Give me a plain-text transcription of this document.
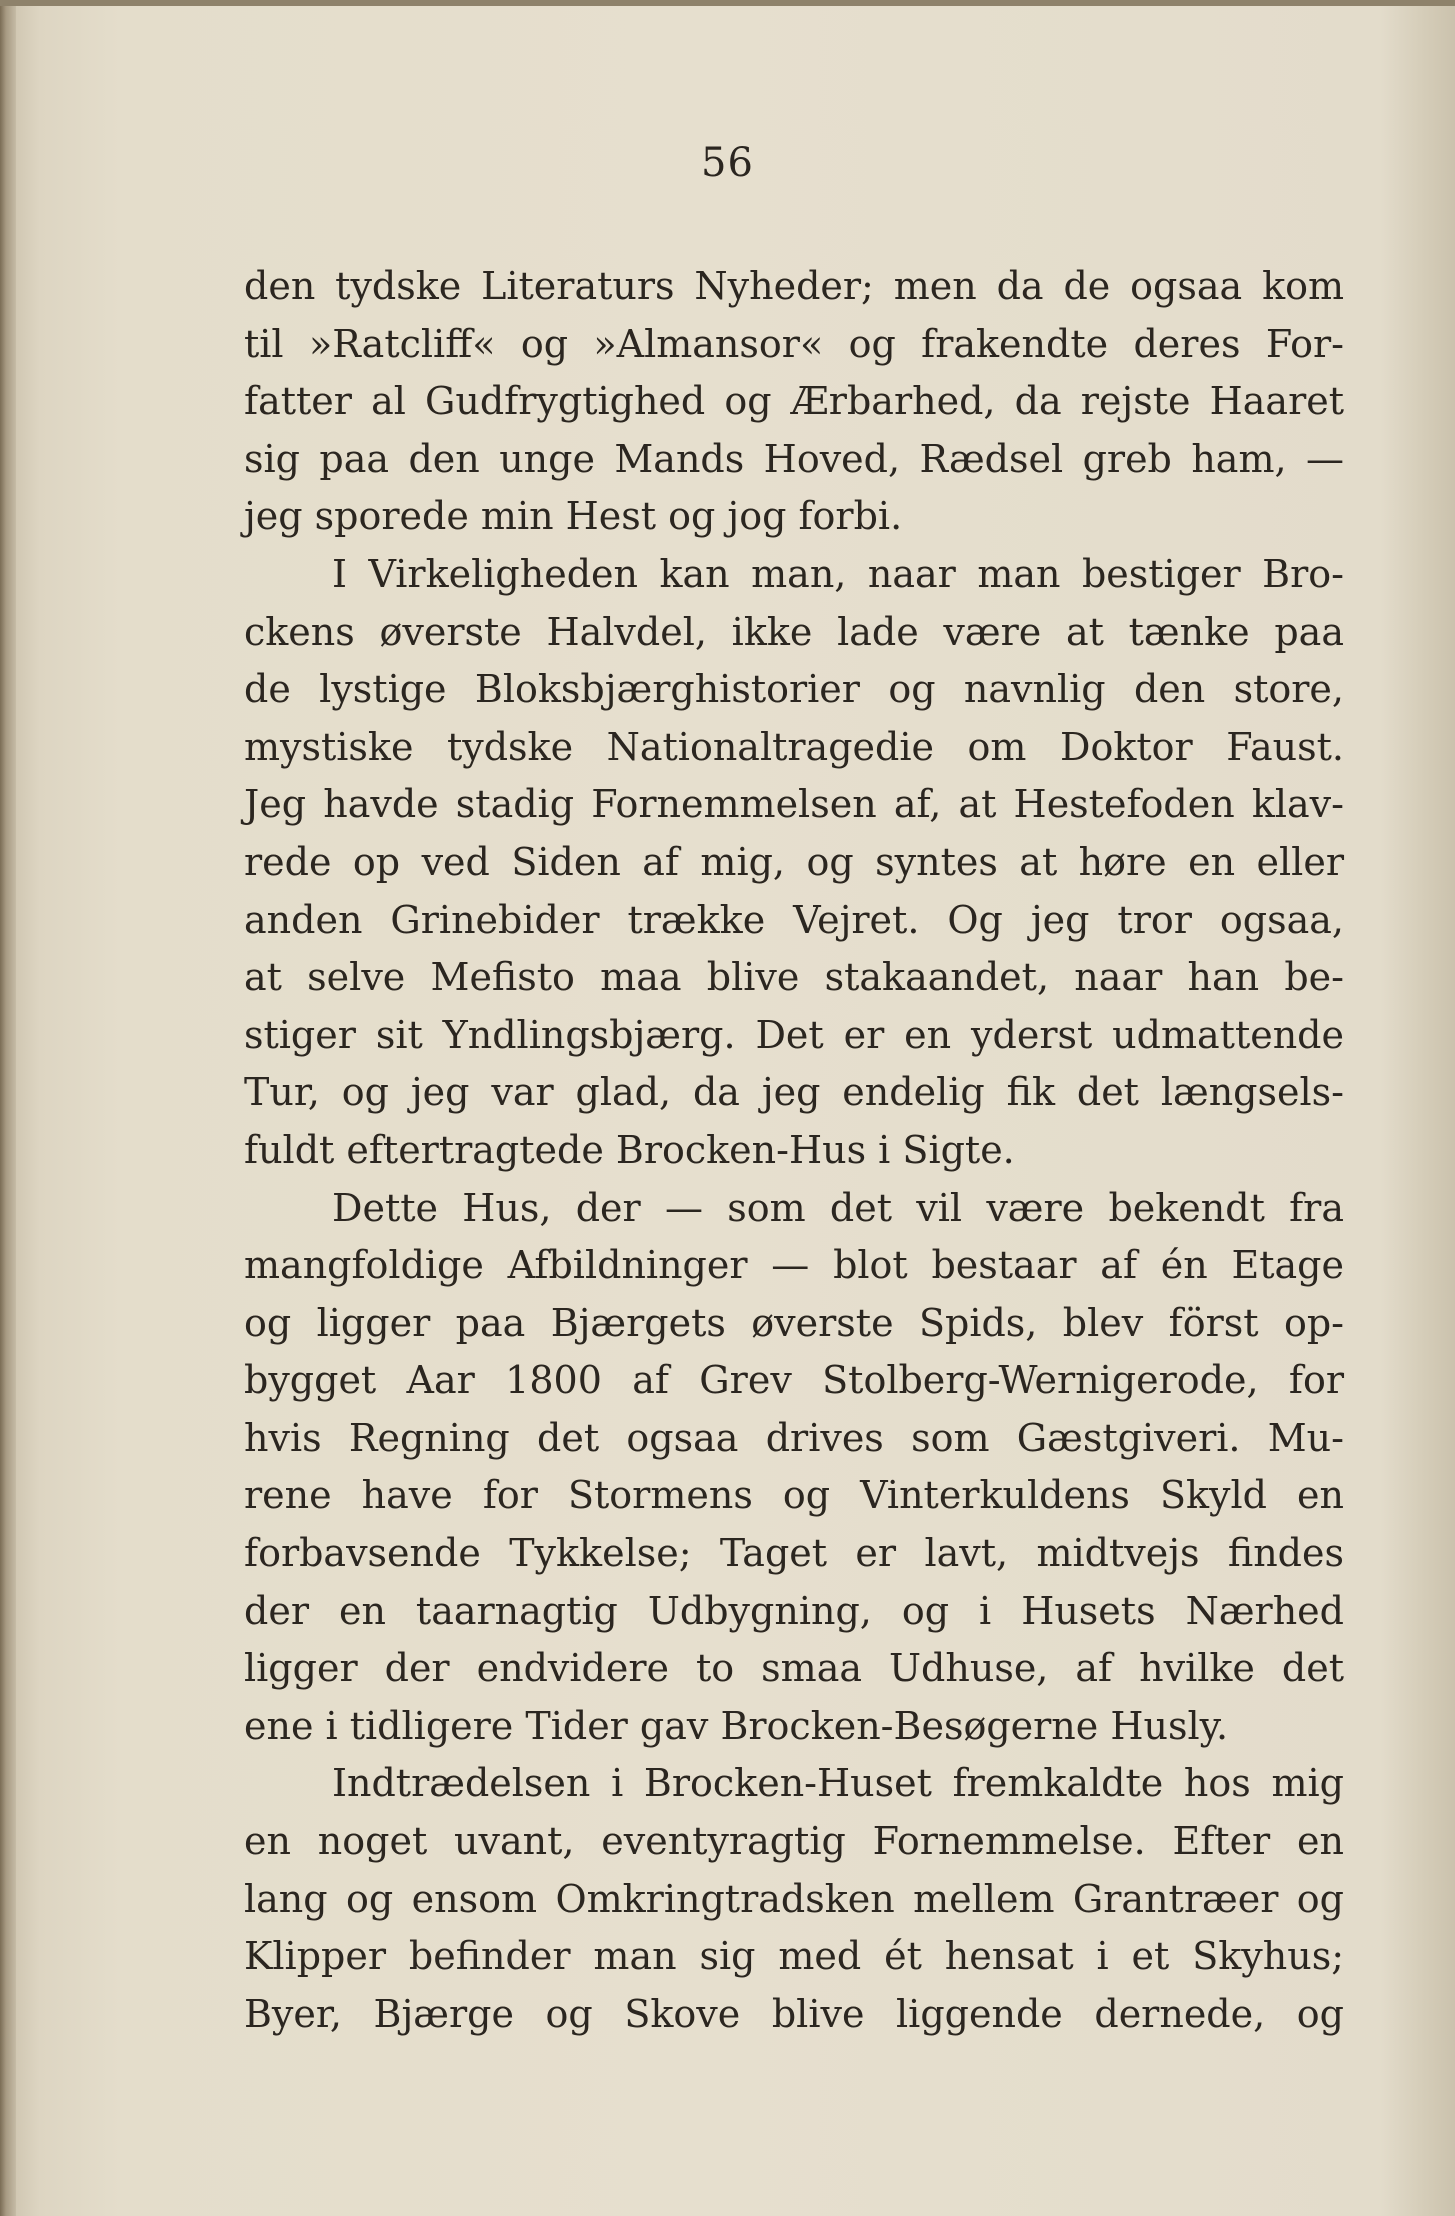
56
den tydske Literaturs Nyheder; men da de ogsaa kom
til »Ratcliff« og »Almansor« og frakendte deres For-
fatter al Gudfrygtighed og Ærbarhed, da rejste Haaret
sig paa den unge Mands Hoved, Rædsel greb ham, —
jeg sporede min Hest og jog forbi.
I Virkeligheden kan man, naar man bestiger Bro-
ckens øverste Halvdel, ikke lade være at tænke paa
de lystige Bloksbjærghistorier og navnlig den store,
mystiske tydske Nationaltragedie om Doktor Faust.
Jeg havde stadig Fornemmelsen af, at Hestefoden klav-
rede op ved Siden af mig, og syntes at høre en eller
anden Grinebider trække Vejret. Og jeg tror ogsaa,
at selve Mefisto maa blive stakaandet, naar han be-
stiger sit Yndlingsbjærg. Det er en yderst udmattende
Tur, og jeg var glad, da jeg endelig fik det længsels-
fuldt eftertragtede Brocken-Hus i Sigte.
Dette Hus, der — som det vil være bekendt fra
mangfoldige Afbildninger — blot bestaar af én Etage
og ligger paa Bjærgets øverste Spids, blev först op-
bygget Aar 1800 af Grev Stolberg-Wernigerode, for
hvis Regning det ogsaa drives som Gæstgiveri. Mu-
rene have for Stormens og Vinterkuldens Skyld en
forbavsende Tykkelse; Taget er lavt, midtvejs findes
der en taarnagtig Udbygning, og i Husets Nærhed
ligger der endvidere to smaa Udhuse, af hvilke det
ene i tidligere Tider gav Brocken-Besøgerne Husly.
Indtrædelsen i Brocken-Huset fremkaldte hos mig
en noget uvant, eventyragtig Fornemmelse. Efter en
lang og ensom Omkringtradsken mellem Grantræer og
Klipper befinder man sig med ét hensat i et Skyhus;
Byer, Bjærge og Skove blive liggende dernede, og
